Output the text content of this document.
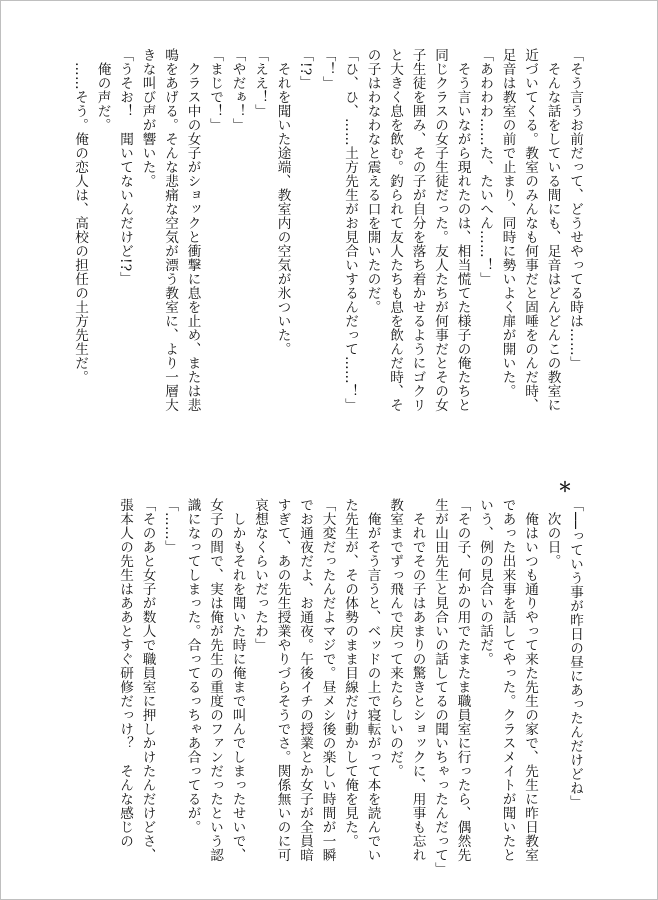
「そう言うお前だって、どうせやってる時は……」
　そんな話をしている間にも、足音はどんどんこの教室に
近づいてくる。教室のみんなも何事だと固唾をのんだ時、
足音は教室の前で止まり、同時に勢いよく扉が開いた。
「あわわわ……た、たいへん……！」
　そう言いながら現れたのは、相当慌てた様子の俺たちと
同じクラスの女子生徒だった。友人たちが何事だとその女
子生徒を囲み、その子が自分を落ち着かせるようにゴクリ
と大きく息を飲む。釣られて友人たちも息を飲んだ時、そ
の子はわなわなと震える口を開いたのだ。
「ひ、ひ、……土方先生がお見合いするんだって……！」
「！」
「!?」
　それを聞いた途端、教室内の空気が氷ついた。
「ええ！」
「やだぁ！」
「まじで！」
　クラス中の女子がショックと衝撃に息を止め、または悲
鳴をあげる。そんな悲痛な空気が漂う教室に、より一層大
きな叫び声が響いた。
「うそお！　聞いてないんだけど!?」
　俺の声だ。
　……そう。俺の恋人は、高校の担任の土方先生だ。
＊
「──っていう事が昨日の昼にあったんだけどね」
　次の日。
　俺はいつも通りやって来た先生の家で、先生に昨日教室
であった出来事を話してやった。クラスメイトが聞いたと
いう、例の見合いの話だ。
「その子、何かの用でたまたま職員室に行ったら、偶然先
生が山田先生と見合いの話してるの聞いちゃったんだって」
　それでその子はあまりの驚きとショックに、用事も忘れ
教室までずっ飛んで戻って来たらしいのだ。
　俺がそう言うと、ベッドの上で寝転がって本を読んでい
た先生が、その体勢のまま目線だけ動かして俺を見た。
「大変だったんだよマジで。昼メシ後の楽しい時間が一瞬
でお通夜だよ、お通夜。午後イチの授業とか女子が全員暗
すぎて、あの先生授業やりづらそうでさ。関係無いのに可
哀想なくらいだったわ」
　しかもそれを聞いた時に俺まで叫んでしまったせいで、
女子の間で、実は俺が先生の重度のファンだったという認
識になってしまった。合ってるっちゃあ合ってるが。
「……」
「そのあと女子が数人で職員室に押しかけたんだけどさ、
張本人の先生はああとすぐ研修だっけ？　そんな感じの
